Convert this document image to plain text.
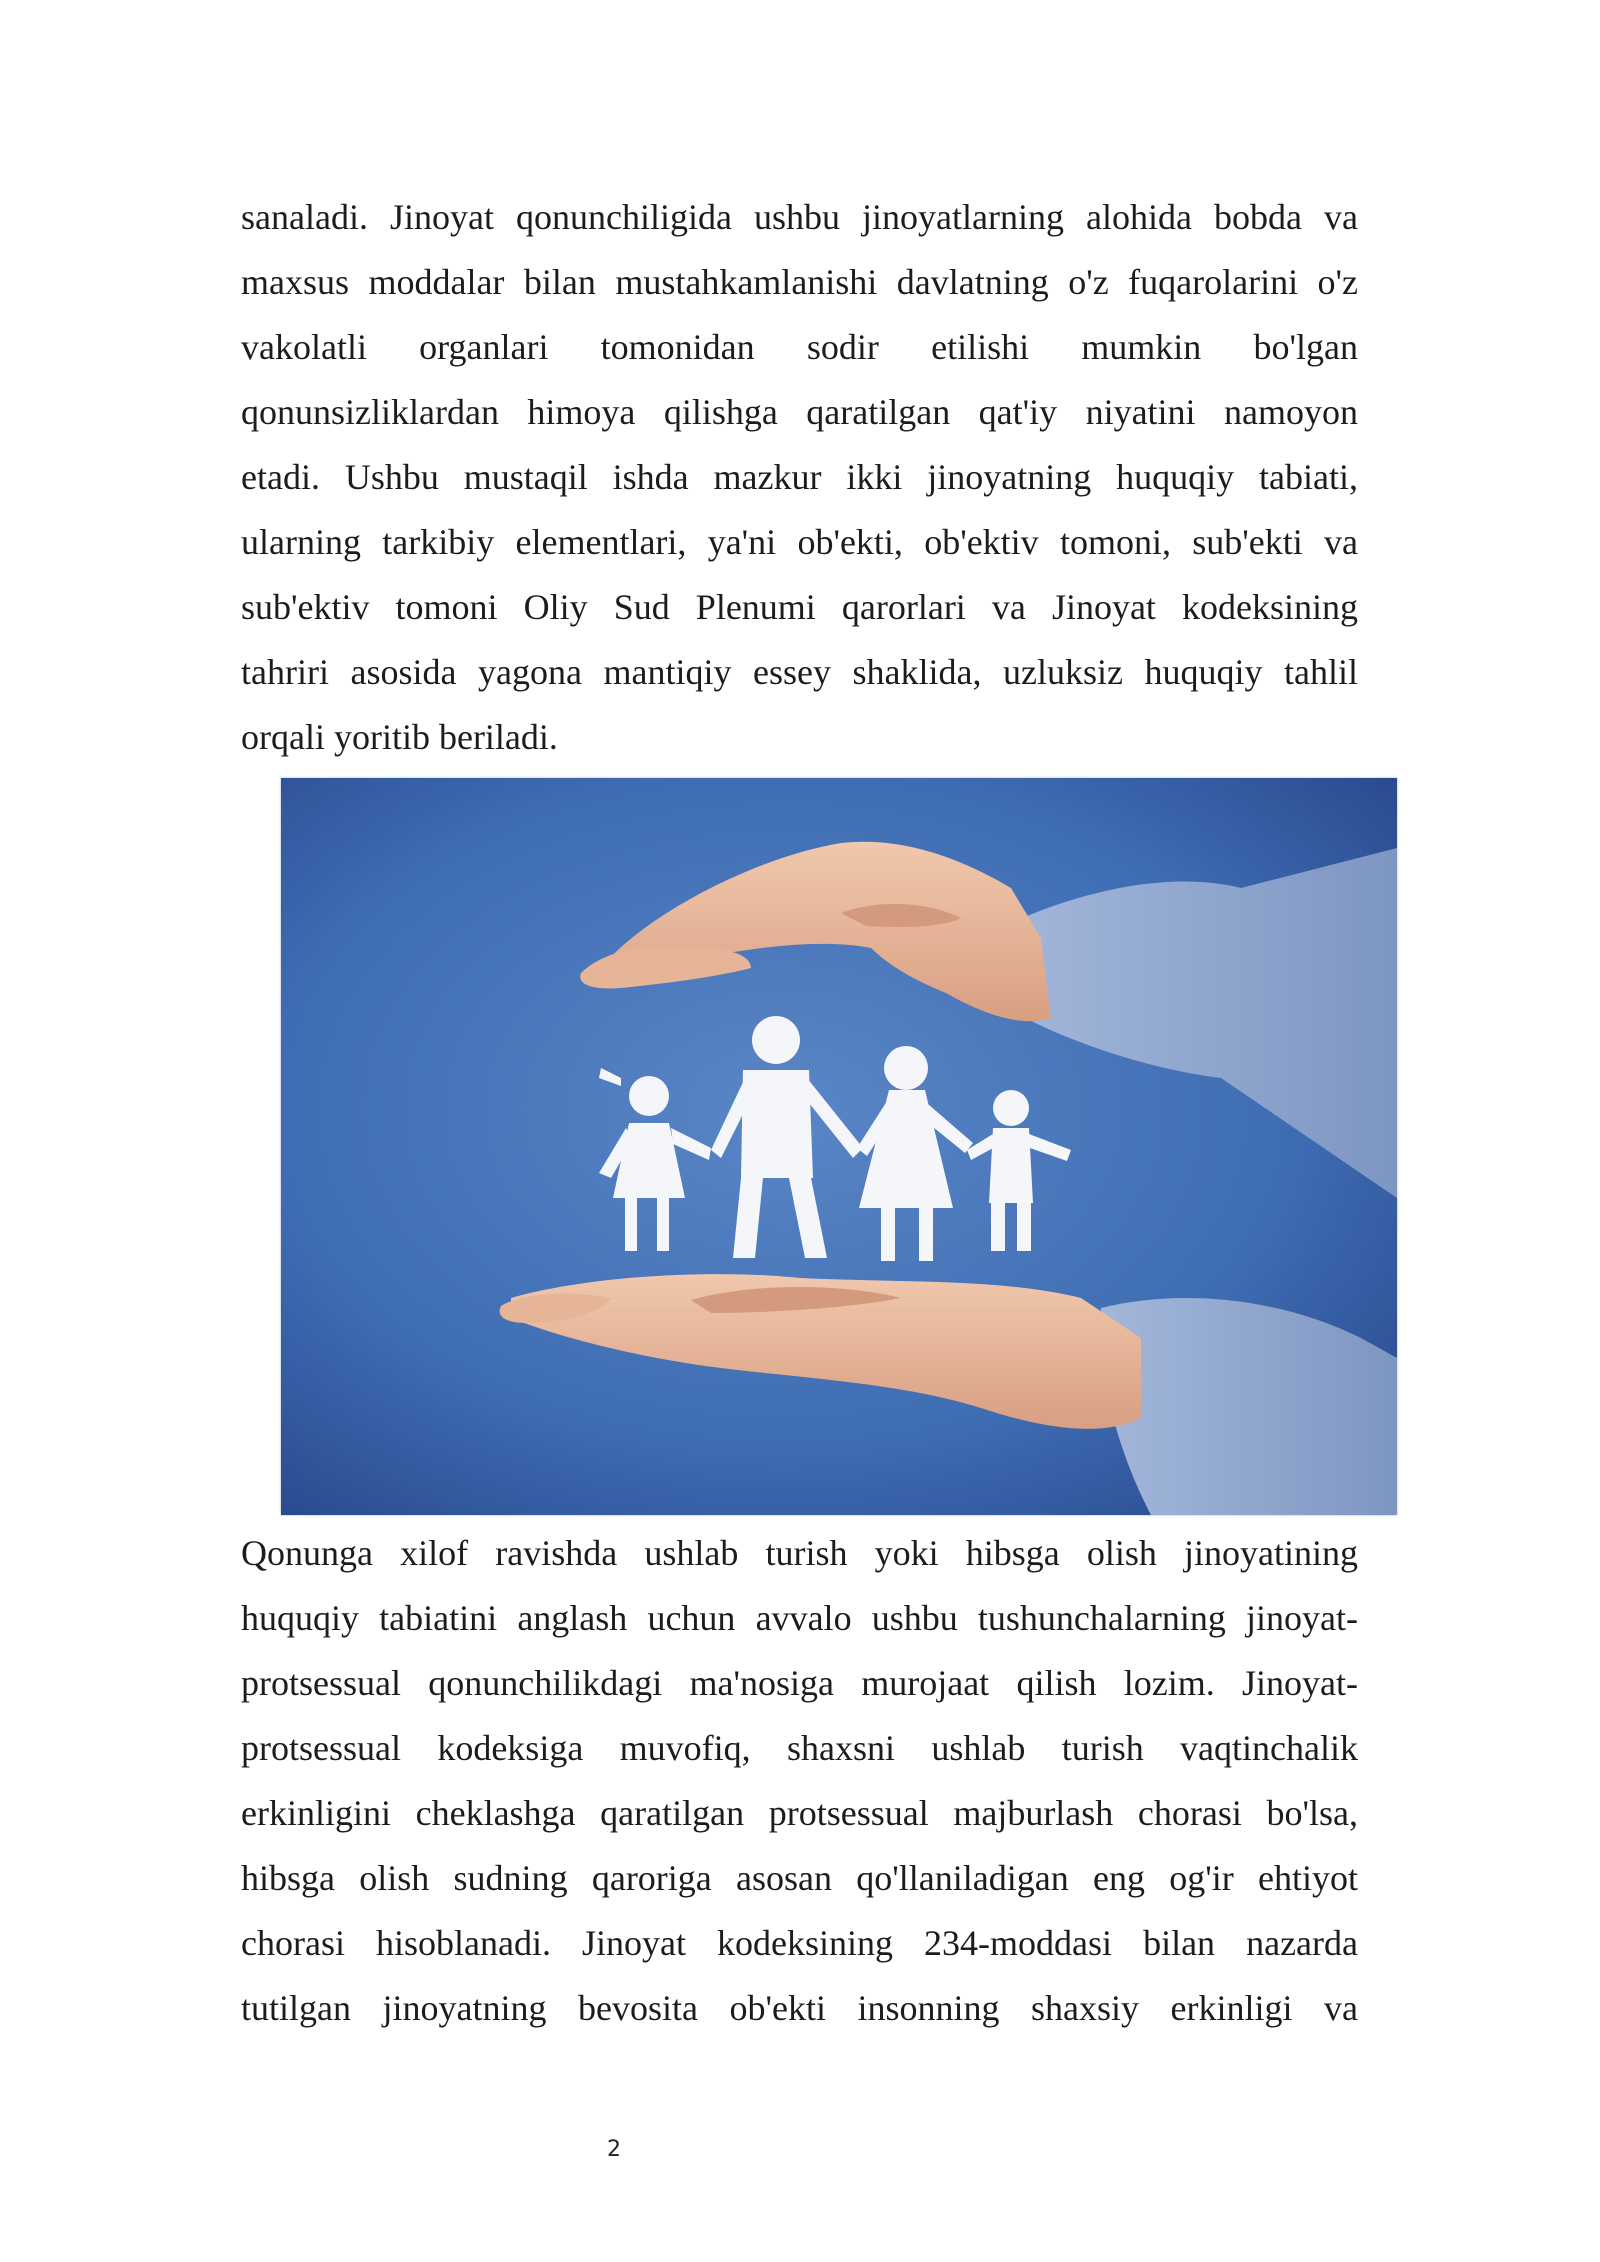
sanaladi. Jinoyat qonunchiligida ushbu jinoyatlarning alohida bobda va
maxsus moddalar bilan mustahkamlanishi davlatning o'z fuqarolarini o'z
vakolatli organlari tomonidan sodir etilishi mumkin bo'lgan
qonunsizliklardan himoya qilishga qaratilgan qat'iy niyatini namoyon
etadi. Ushbu mustaqil ishda mazkur ikki jinoyatning huquqiy tabiati,
ularning tarkibiy elementlari, ya'ni ob'ekti, ob'ektiv tomoni, sub'ekti va
sub'ektiv tomoni Oliy Sud Plenumi qarorlari va Jinoyat kodeksining
tahriri asosida yagona mantiqiy essey shaklida, uzluksiz huquqiy tahlil
orqali yoritib beriladi.
Qonunga xilof ravishda ushlab turish yoki hibsga olish jinoyatining
huquqiy tabiatini anglash uchun avvalo ushbu tushunchalarning jinoyat-
protsessual qonunchilikdagi ma'nosiga murojaat qilish lozim. Jinoyat-
protsessual kodeksiga muvofiq, shaxsni ushlab turish vaqtinchalik
erkinligini cheklashga qaratilgan protsessual majburlash chorasi bo'lsa,
hibsga olish sudning qaroriga asosan qo'llaniladigan eng og'ir ehtiyot
chorasi hisoblanadi. Jinoyat kodeksining 234-moddasi bilan nazarda
tutilgan jinoyatning bevosita ob'ekti insonning shaxsiy erkinligi va
2
